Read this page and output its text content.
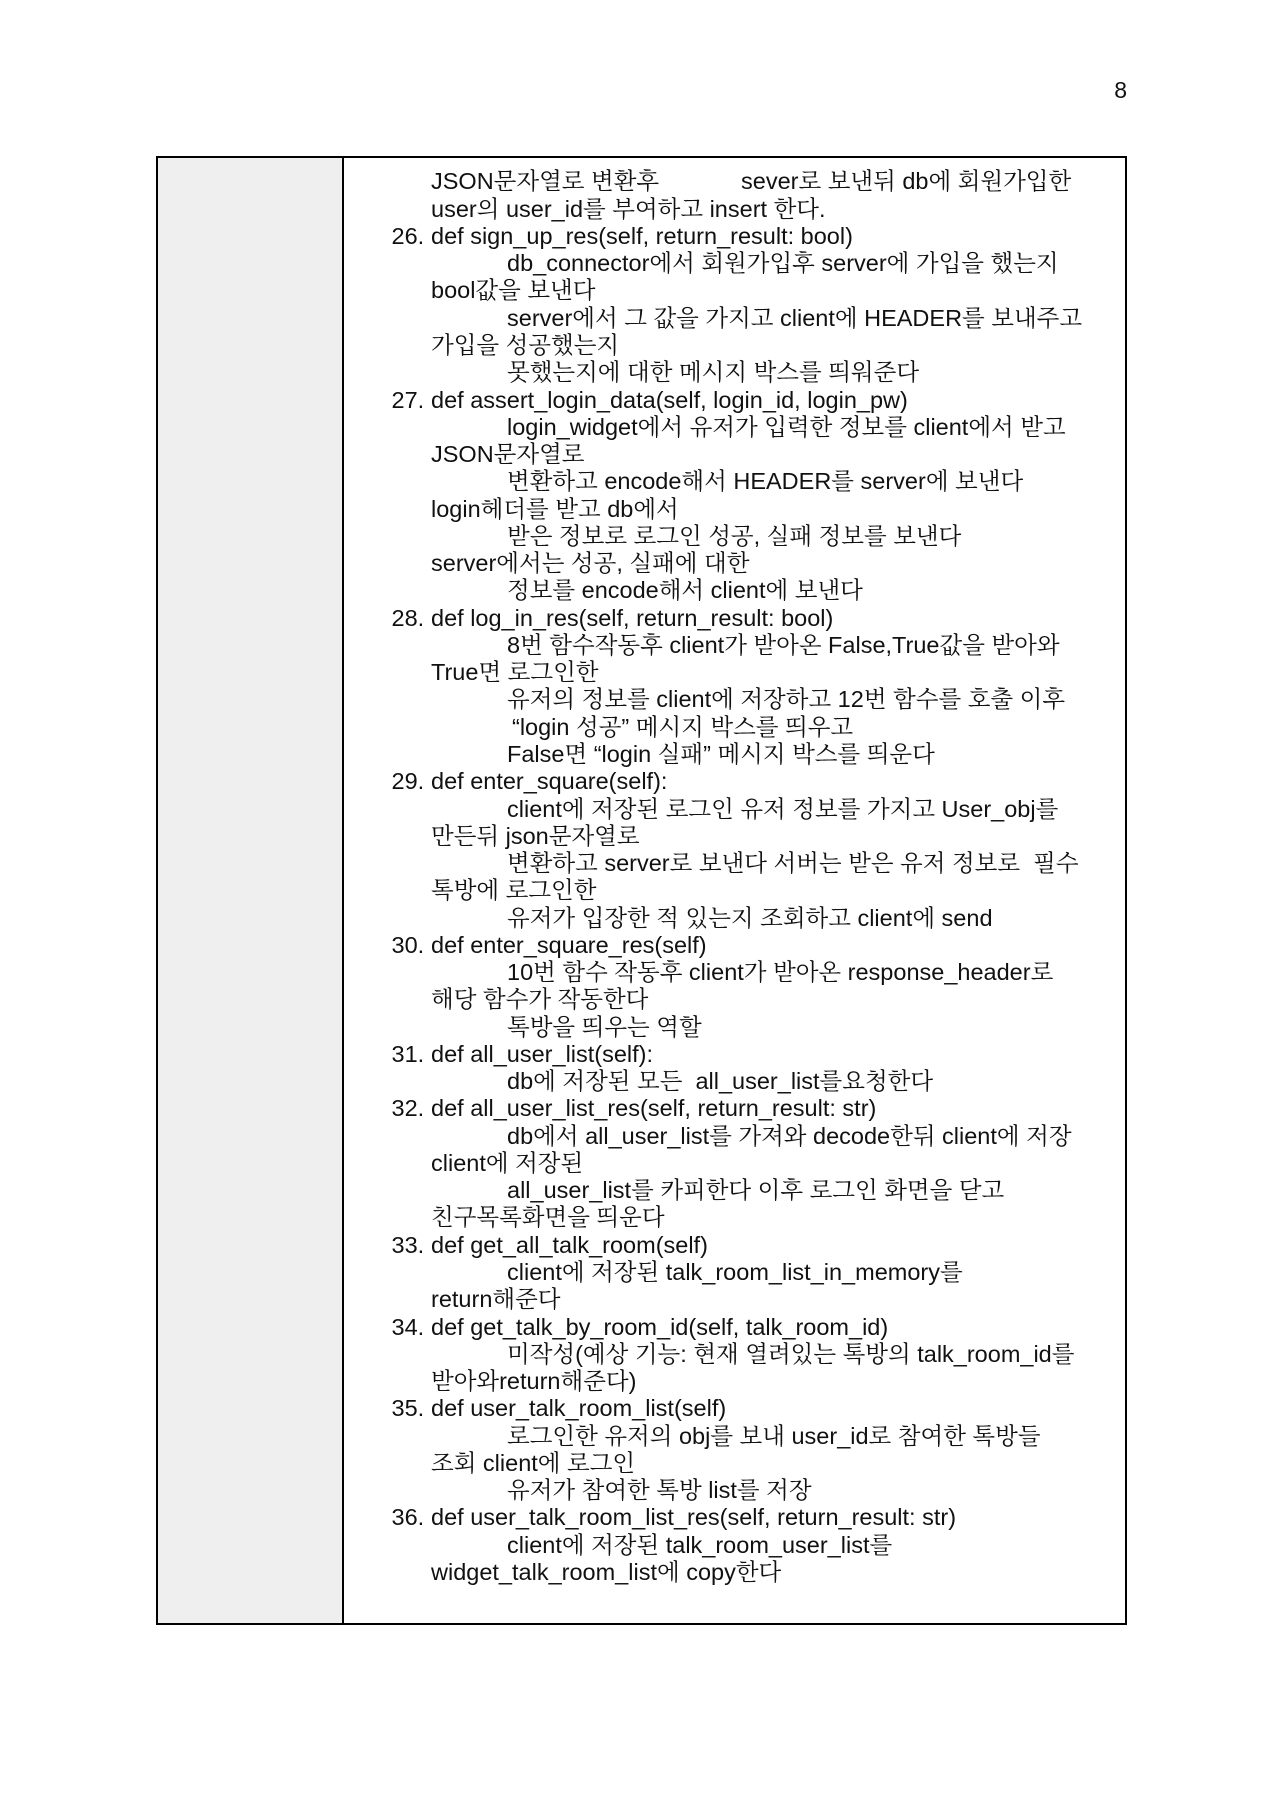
8
JSON문자열로 변환후	sever로 보낸뒤 db에 회원가입한
user의 user_id를 부여하고 insert 한다.
26. def sign_up_res(self, return_result: bool)
db_connector에서 회원가입후 server에 가입을 했는지
bool값을 보낸다
server에서 그 값을 가지고 client에 HEADER를 보내주고
가입을 성공했는지
못했는지에 대한 메시지 박스를 띄워준다
27. def assert_login_data(self, login_id, login_pw)
login_widget에서 유저가 입력한 정보를 client에서 받고
JSON문자열로
변환하고 encode해서 HEADER를 server에 보낸다
login헤더를 받고 db에서
받은 정보로 로그인 성공, 실패 정보를 보낸다
server에서는 성공, 실패에 대한
정보를 encode해서 client에 보낸다
28. def log_in_res(self, return_result: bool)
8번 함수작동후 client가 받아온 False,True값을 받아와
True면 로그인한
유저의 정보를 client에 저장하고 12번 함수를 호출 이후
“login 성공” 메시지 박스를 띄우고
False면 “login 실패” 메시지 박스를 띄운다
29. def enter_square(self):
client에 저장된 로그인 유저 정보를 가지고 User_obj를
만든뒤 json문자열로
변환하고 server로 보낸다 서버는 받은 유저 정보로  필수
톡방에 로그인한
유저가 입장한 적 있는지 조회하고 client에 send
30. def enter_square_res(self)
10번 함수 작동후 client가 받아온 response_header로
해당 함수가 작동한다
톡방을 띄우는 역할
31. def all_user_list(self):
db에 저장된 모든  all_user_list를요청한다
32. def all_user_list_res(self, return_result: str)
db에서 all_user_list를 가져와 decode한뒤 client에 저장
client에 저장된
all_user_list를 카피한다 이후 로그인 화면을 닫고
친구목록화면을 띄운다
33. def get_all_talk_room(self)
client에 저장된 talk_room_list_in_memory를
return해준다
34. def get_talk_by_room_id(self, talk_room_id)
미작성(예상 기능: 현재 열려있는 톡방의 talk_room_id를
받아와return해준다)
35. def user_talk_room_list(self)
로그인한 유저의 obj를 보내 user_id로 참여한 톡방들
조회 client에 로그인
유저가 참여한 톡방 list를 저장
36. def user_talk_room_list_res(self, return_result: str)
client에 저장된 talk_room_user_list를
widget_talk_room_list에 copy한다
